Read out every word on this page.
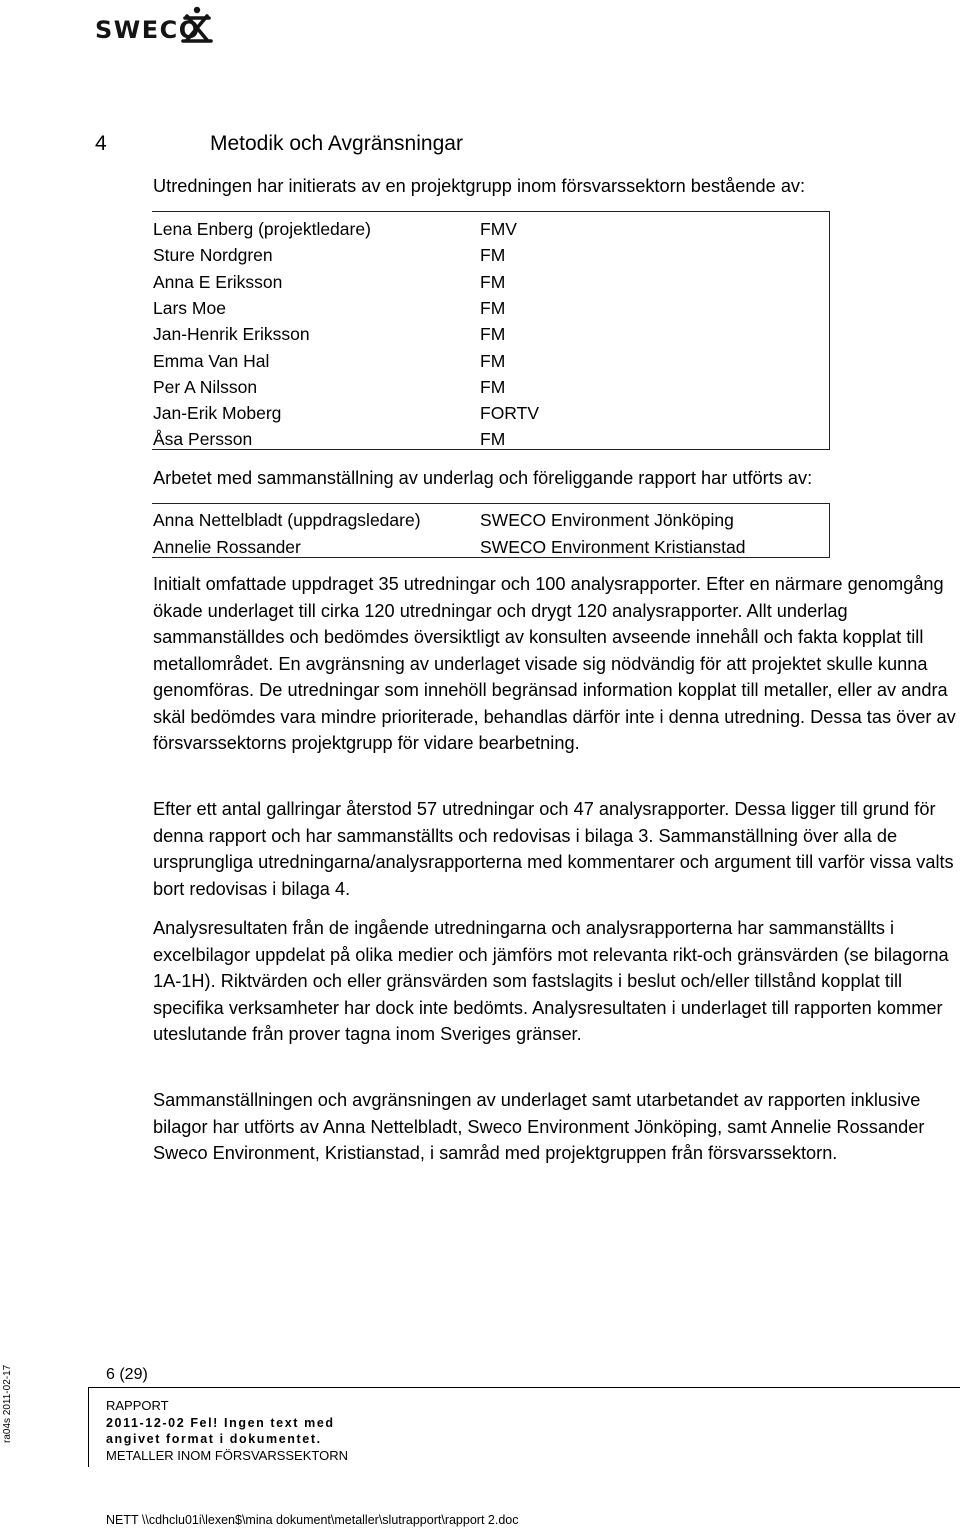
SWECO
4	Metodik och Avgränsningar

Utredningen har initierats av en projektgrupp inom försvarssektorn bestående av:

Lena Enberg (projektledare)	FMV
Sture Nordgren	FM
Anna E Eriksson	FM
Lars Moe	FM
Jan-Henrik Eriksson	FM
Emma Van Hal	FM
Per A Nilsson	FM
Jan-Erik Moberg	FORTV
Åsa Persson	FM

Arbetet med sammanställning av underlag och föreliggande rapport har utförts av:

Anna Nettelbladt (uppdragsledare)	SWECO Environment Jönköping
Annelie Rossander	SWECO Environment Kristianstad

Initialt omfattade uppdraget 35 utredningar och 100 analysrapporter. Efter en närmare genomgång ökade underlaget till cirka 120 utredningar och drygt 120 analysrapporter. Allt underlag sammanställdes och bedömdes översiktligt av konsulten avseende innehåll och fakta kopplat till metallområdet. En avgränsning av underlaget visade sig nödvändig för att projektet skulle kunna genomföras. De utredningar som innehöll begränsad information kopplat till metaller, eller av andra skäl bedömdes vara mindre prioriterade, behandlas därför inte i denna utredning. Dessa tas över av försvarssektorns projektgrupp för vidare bearbetning.

Efter ett antal gallringar återstod 57 utredningar och 47 analysrapporter. Dessa ligger till grund för denna rapport och har sammanställts och redovisas i bilaga 3. Sammanställning över alla de ursprungliga utredningarna/analysrapporterna med kommentarer och argument till varför vissa valts bort redovisas i bilaga 4.

Analysresultaten från de ingående utredningarna och analysrapporterna har sammanställts i excelbilagor uppdelat på olika medier och jämförs mot relevanta rikt-och gränsvärden (se bilagorna 1A-1H). Riktvärden och eller gränsvärden som fastslagits i beslut och/eller tillstånd kopplat till specifika verksamheter har dock inte bedömts. Analysresultaten i underlaget till rapporten kommer uteslutande från prover tagna inom Sveriges gränser.

Sammanställningen och avgränsningen av underlaget samt utarbetandet av rapporten inklusive bilagor har utförts av Anna Nettelbladt, Sweco Environment Jönköping, samt Annelie Rossander Sweco Environment, Kristianstad, i samråd med projektgruppen från försvarssektorn.

6 (29)
RAPPORT
2011-12-02 Fel! Ingen text med
angivet format i dokumentet.
METALLER INOM FÖRSVARSSEKTORN
ra04s 2011-02-17
NETT \\cdhclu01i\lexen$\mina dokument\metaller\slutrapport\rapport 2.doc
